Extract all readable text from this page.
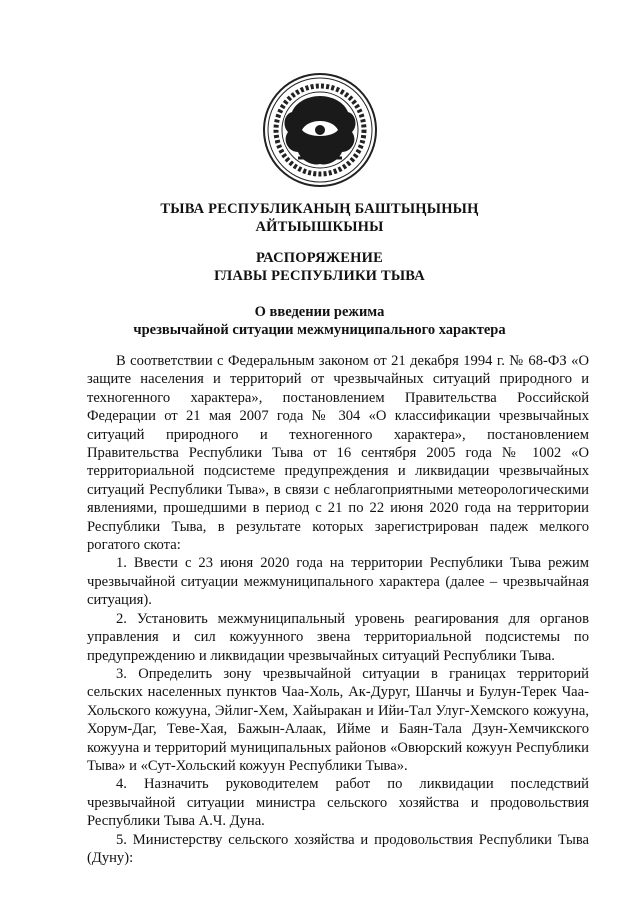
ТЫВА РЕСПУБЛИКАНЫҢ БАШТЫҢЫНЫҢ
АЙТЫЫШКЫНЫ
РАСПОРЯЖЕНИЕ
ГЛАВЫ РЕСПУБЛИКИ ТЫВА
О введении режима
чрезвычайной ситуации межмуниципального характера

В соответствии с Федеральным законом от 21 декабря 1994 г. № 68-ФЗ «О защите населения и территорий от чрезвычайных ситуаций природного и техногенного характера», постановлением Правительства Российской Федерации от 21 мая 2007 года № 304 «О классификации чрезвычайных ситуаций природного и техногенного характера», постановлением Правительства Республики Тыва от 16 сентября 2005 года № 1002 «О территориальной подсистеме предупреждения и ликвидации чрезвычайных ситуаций Республики Тыва», в связи с неблагоприятными метеорологическими явлениями, прошедшими в период с 21 по 22 июня 2020 года на территории Республики Тыва, в результате которых зарегистрирован падеж мелкого рогатого скота:

1. Ввести с 23 июня 2020 года на территории Республики Тыва режим чрезвычайной ситуации межмуниципального характера (далее – чрезвычайная ситуация).

2. Установить межмуниципальный уровень реагирования для органов управления и сил кожуунного звена территориальной подсистемы по предупреждению и ликвидации чрезвычайных ситуаций Республики Тыва.

3. Определить зону чрезвычайной ситуации в границах территорий сельских населенных пунктов Чаа-Холь, Ак-Дуруг, Шанчы и Булун-Терек Чаа-Хольского кожууна, Эйлиг-Хем, Хайыракан и Ийи-Тал Улуг-Хемского кожууна, Хорум-Даг, Теве-Хая, Бажын-Алаак, Ийме и Баян-Тала Дзун-Хемчикского кожууна и территорий муниципальных районов «Овюрский кожуун Республики Тыва» и «Сут-Хольский кожуун Республики Тыва».

4. Назначить руководителем работ по ликвидации последствий чрезвычайной ситуации министра сельского хозяйства и продовольствия Республики Тыва А.Ч. Дуна.

5. Министерству сельского хозяйства и продовольствия Республики Тыва (Дуну):
